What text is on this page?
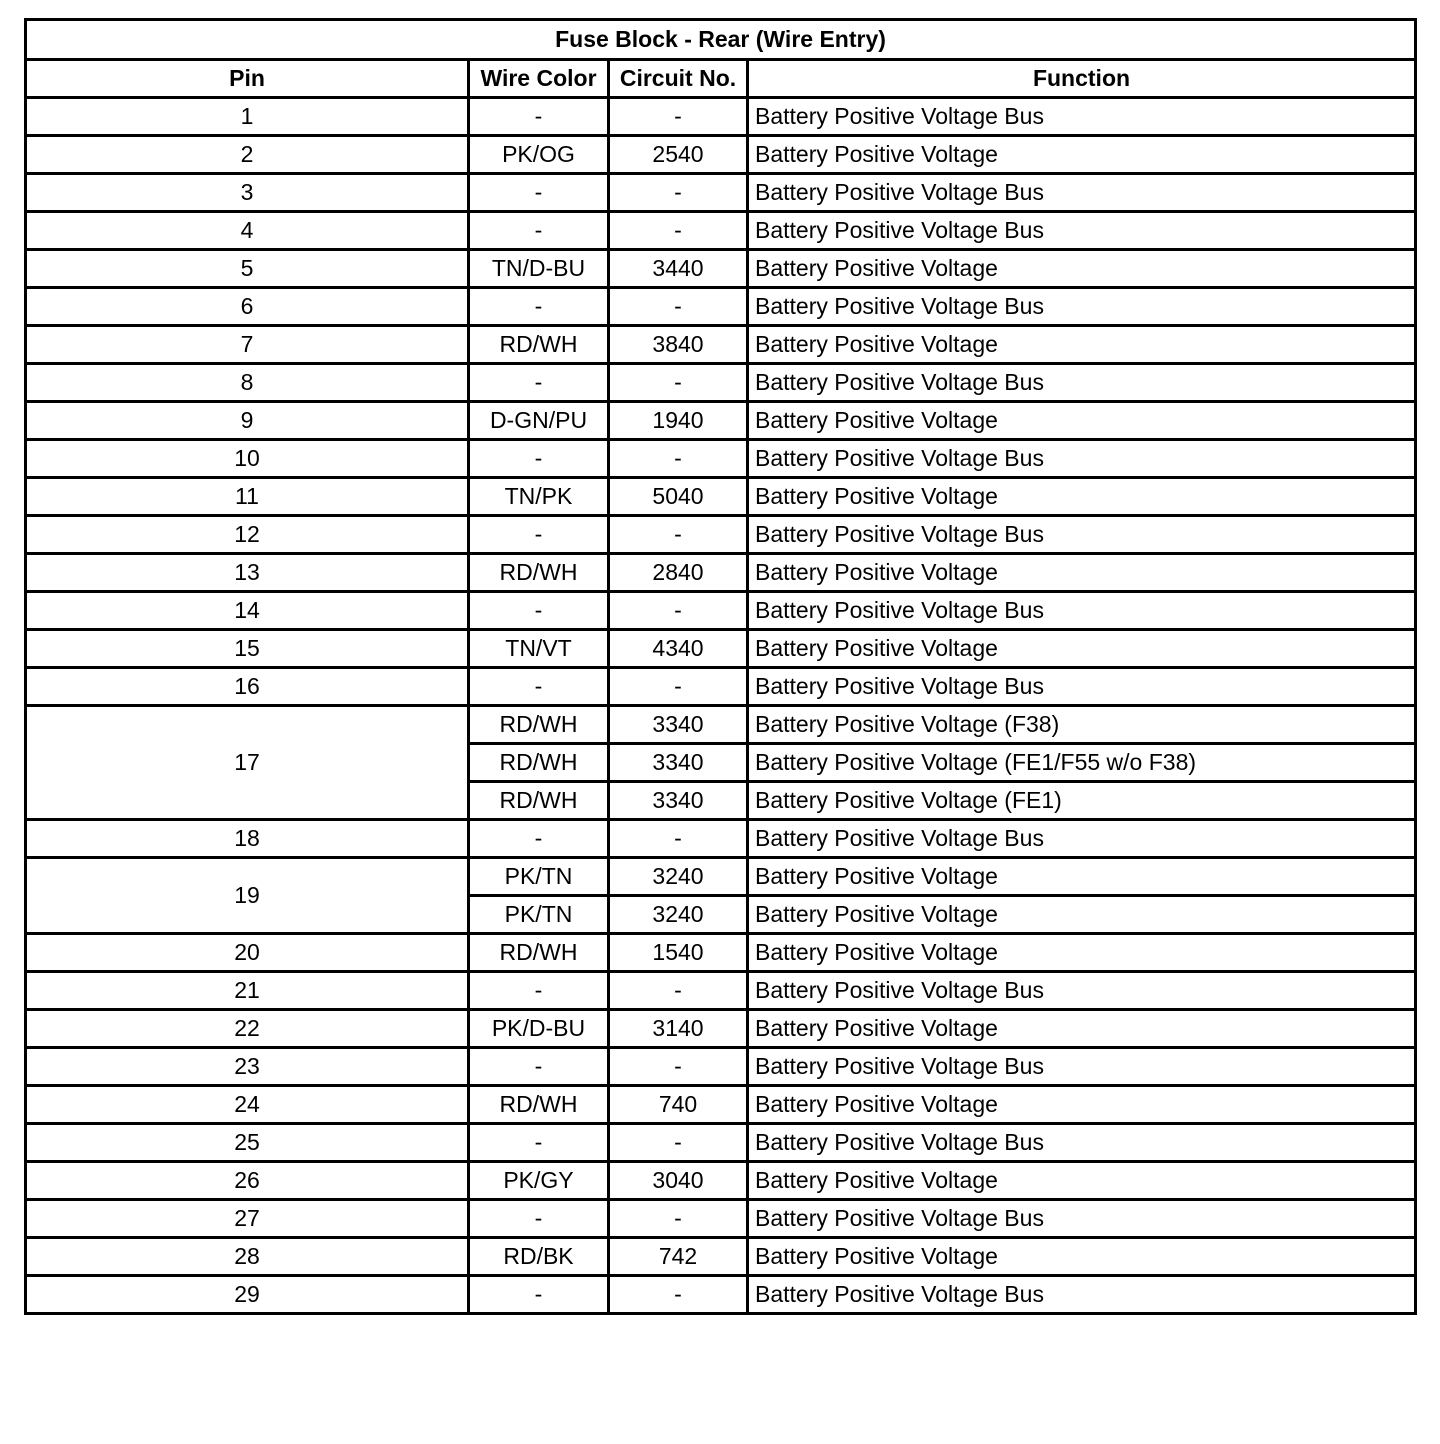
Fuse Block - Rear (Wire Entry)			
Pin	Wire Color	Circuit No.	Function
1	-	-	Battery Positive Voltage Bus
2	PK/OG	2540	Battery Positive Voltage
3	-	-	Battery Positive Voltage Bus
4	-	-	Battery Positive Voltage Bus
5	TN/D-BU	3440	Battery Positive Voltage
6	-	-	Battery Positive Voltage Bus
7	RD/WH	3840	Battery Positive Voltage
8	-	-	Battery Positive Voltage Bus
9	D-GN/PU	1940	Battery Positive Voltage
10	-	-	Battery Positive Voltage Bus
11	TN/PK	5040	Battery Positive Voltage
12	-	-	Battery Positive Voltage Bus
13	RD/WH	2840	Battery Positive Voltage
14	-	-	Battery Positive Voltage Bus
15	TN/VT	4340	Battery Positive Voltage
16	-	-	Battery Positive Voltage Bus
17	RD/WH	3340	Battery Positive Voltage (F38)
	RD/WH	3340	Battery Positive Voltage (FE1/F55 w/o F38)
	RD/WH	3340	Battery Positive Voltage (FE1)
18	-	-	Battery Positive Voltage Bus
19	PK/TN	3240	Battery Positive Voltage
	PK/TN	3240	Battery Positive Voltage
20	RD/WH	1540	Battery Positive Voltage
21	-	-	Battery Positive Voltage Bus
22	PK/D-BU	3140	Battery Positive Voltage
23	-	-	Battery Positive Voltage Bus
24	RD/WH	740	Battery Positive Voltage
25	-	-	Battery Positive Voltage Bus
26	PK/GY	3040	Battery Positive Voltage
27	-	-	Battery Positive Voltage Bus
28	RD/BK	742	Battery Positive Voltage
29	-	-	Battery Positive Voltage Bus
